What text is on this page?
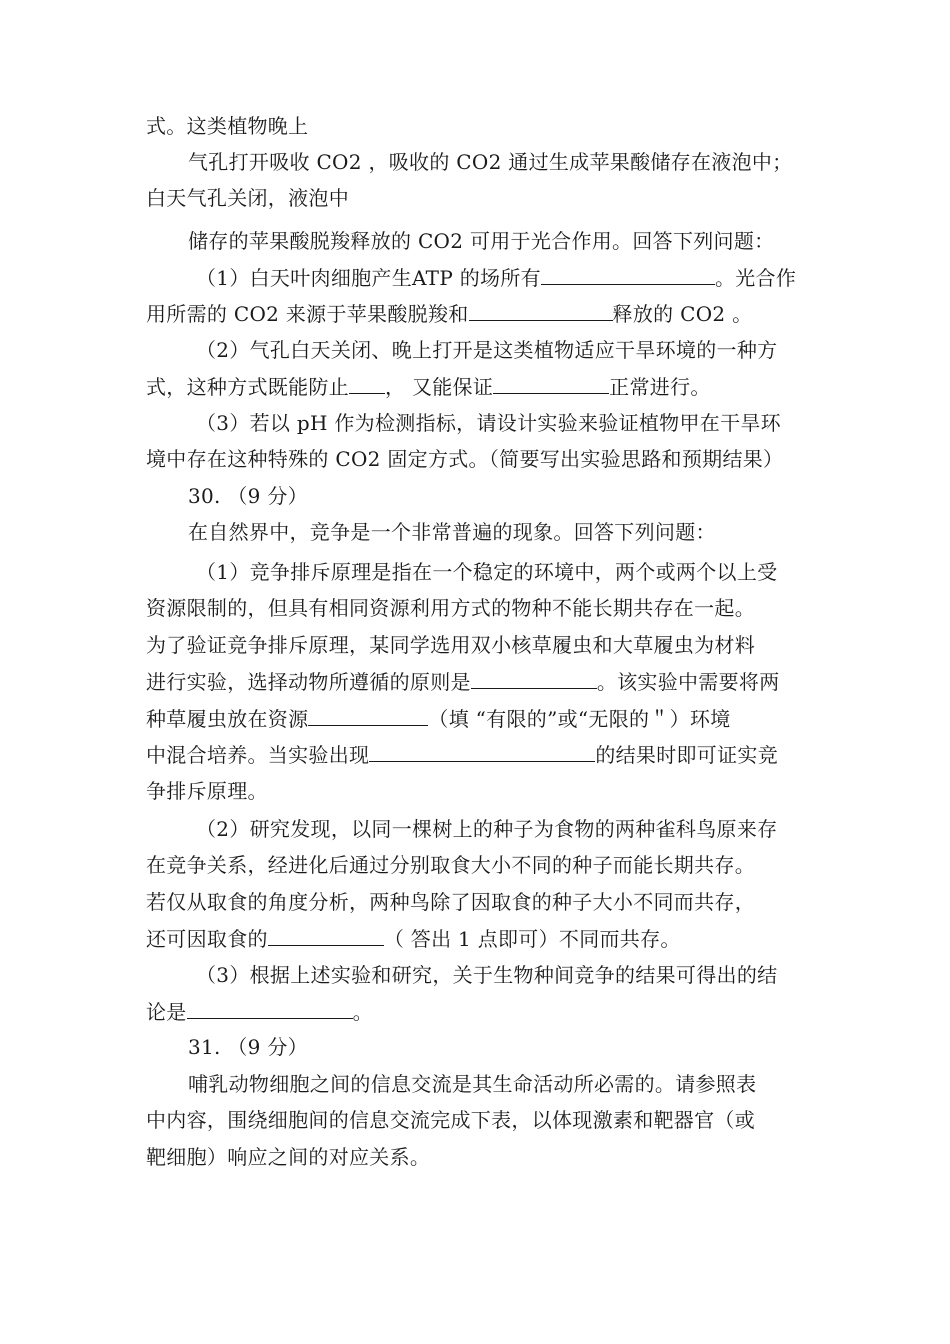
式。这类植物晚上
气孔打开吸收 CO2 ，吸收的 CO2 通过生成苹果酸储存在液泡中；
白天气孔关闭，液泡中
储存的苹果酸脱羧释放的 CO2 可用于光合作用。回答下列问题：
（1）白天叶肉细胞产生ATP 的场所有	。光合作
用所需的 CO2 来源于苹果酸脱羧和	释放的 CO2 。
（2）气孔白天关闭、晚上打开是这类植物适应干旱环境的一种方
式，这种方式既能防止 ， 又能保证	正常进行。
（3）若以 pH 作为检测指标，请设计实验来验证植物甲在干旱环
境中存在这种特殊的 CO2 固定方式。（简要写出实验思路和预期结果）
30. （9 分）
在自然界中，竞争是一个非常普遍的现象。回答下列问题：
（1）竞争排斥原理是指在一个稳定的环境中，两个或两个以上受
资源限制的，但具有相同资源利用方式的物种不能长期共存在一起。
为了验证竞争排斥原理，某同学选用双小核草履虫和大草履虫为材料
进行实验，选择动物所遵循的原则是	。该实验中需要将两
种草履虫放在资源	（填 “有限的”或“无限的＂）环境
中混合培养。当实验出现	的结果时即可证实竞
争排斥原理。
（2）研究发现，以同一棵树上的种子为食物的两种雀科鸟原来存
在竞争关系，经进化后通过分别取食大小不同的种子而能长期共存。
若仅从取食的角度分析，两种鸟除了因取食的种子大小不同而共存，
还可因取食的	（ 答出 1 点即可）不同而共存。
（3）根据上述实验和研究，关于生物种间竞争的结果可得出的结
论是	。
31. （9 分）
哺乳动物细胞之间的信息交流是其生命活动所必需的。请参照表
中内容，围绕细胞间的信息交流完成下表，以体现激素和靶器官（或
靶细胞）响应之间的对应关系。
